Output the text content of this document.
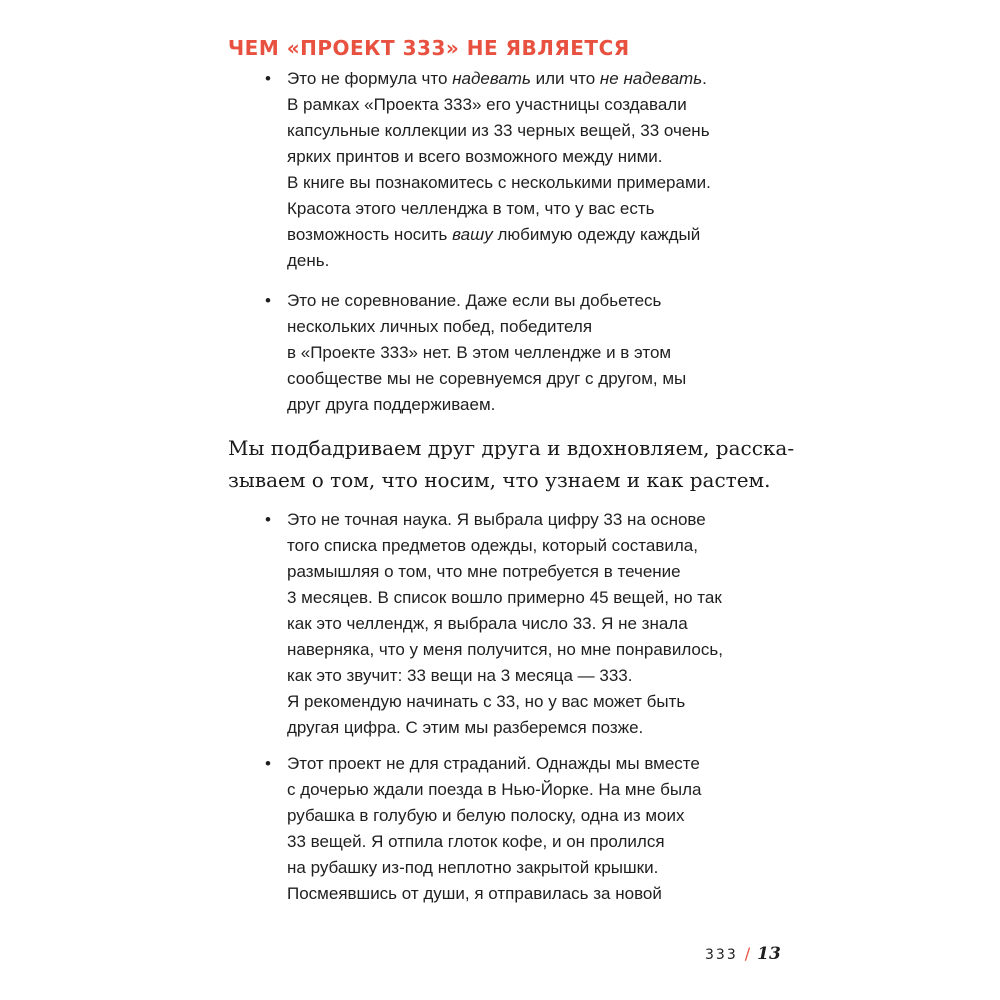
ЧЕМ «ПРОЕКТ 333» НЕ ЯВЛЯЕТСЯ
• Это не формула что надевать или что не надевать.
В рамках «Проекта 333» его участницы создавали
капсульные коллекции из 33 черных вещей, 33 очень
ярких принтов и всего возможного между ними.
В книге вы познакомитесь с несколькими примерами.
Красота этого челленджа в том, что у вас есть
возможность носить вашу любимую одежду каждый
день.
• Это не соревнование. Даже если вы добьетесь
нескольких личных побед, победителя
в «Проекте 333» нет. В этом челлендже и в этом
сообществе мы не соревнуемся друг с другом, мы
друг друга поддерживаем.
Мы подбадриваем друг друга и вдохновляем, расска-
зываем о том, что носим, что узнаем и как растем.
• Это не точная наука. Я выбрала цифру 33 на основе
того списка предметов одежды, который составила,
размышляя о том, что мне потребуется в течение
3 месяцев. В список вошло примерно 45 вещей, но так
как это челлендж, я выбрала число 33. Я не знала
наверняка, что у меня получится, но мне понравилось,
как это звучит: 33 вещи на 3 месяца — 333.
Я рекомендую начинать с 33, но у вас может быть
другая цифра. С этим мы разберемся позже.
• Этот проект не для страданий. Однажды мы вместе
с дочерью ждали поезда в Нью-Йорке. На мне была
рубашка в голубую и белую полоску, одна из моих
33 вещей. Я отпила глоток кофе, и он пролился
на рубашку из-под неплотно закрытой крышки.
Посмеявшись от души, я отправилась за новой
333 / 13
